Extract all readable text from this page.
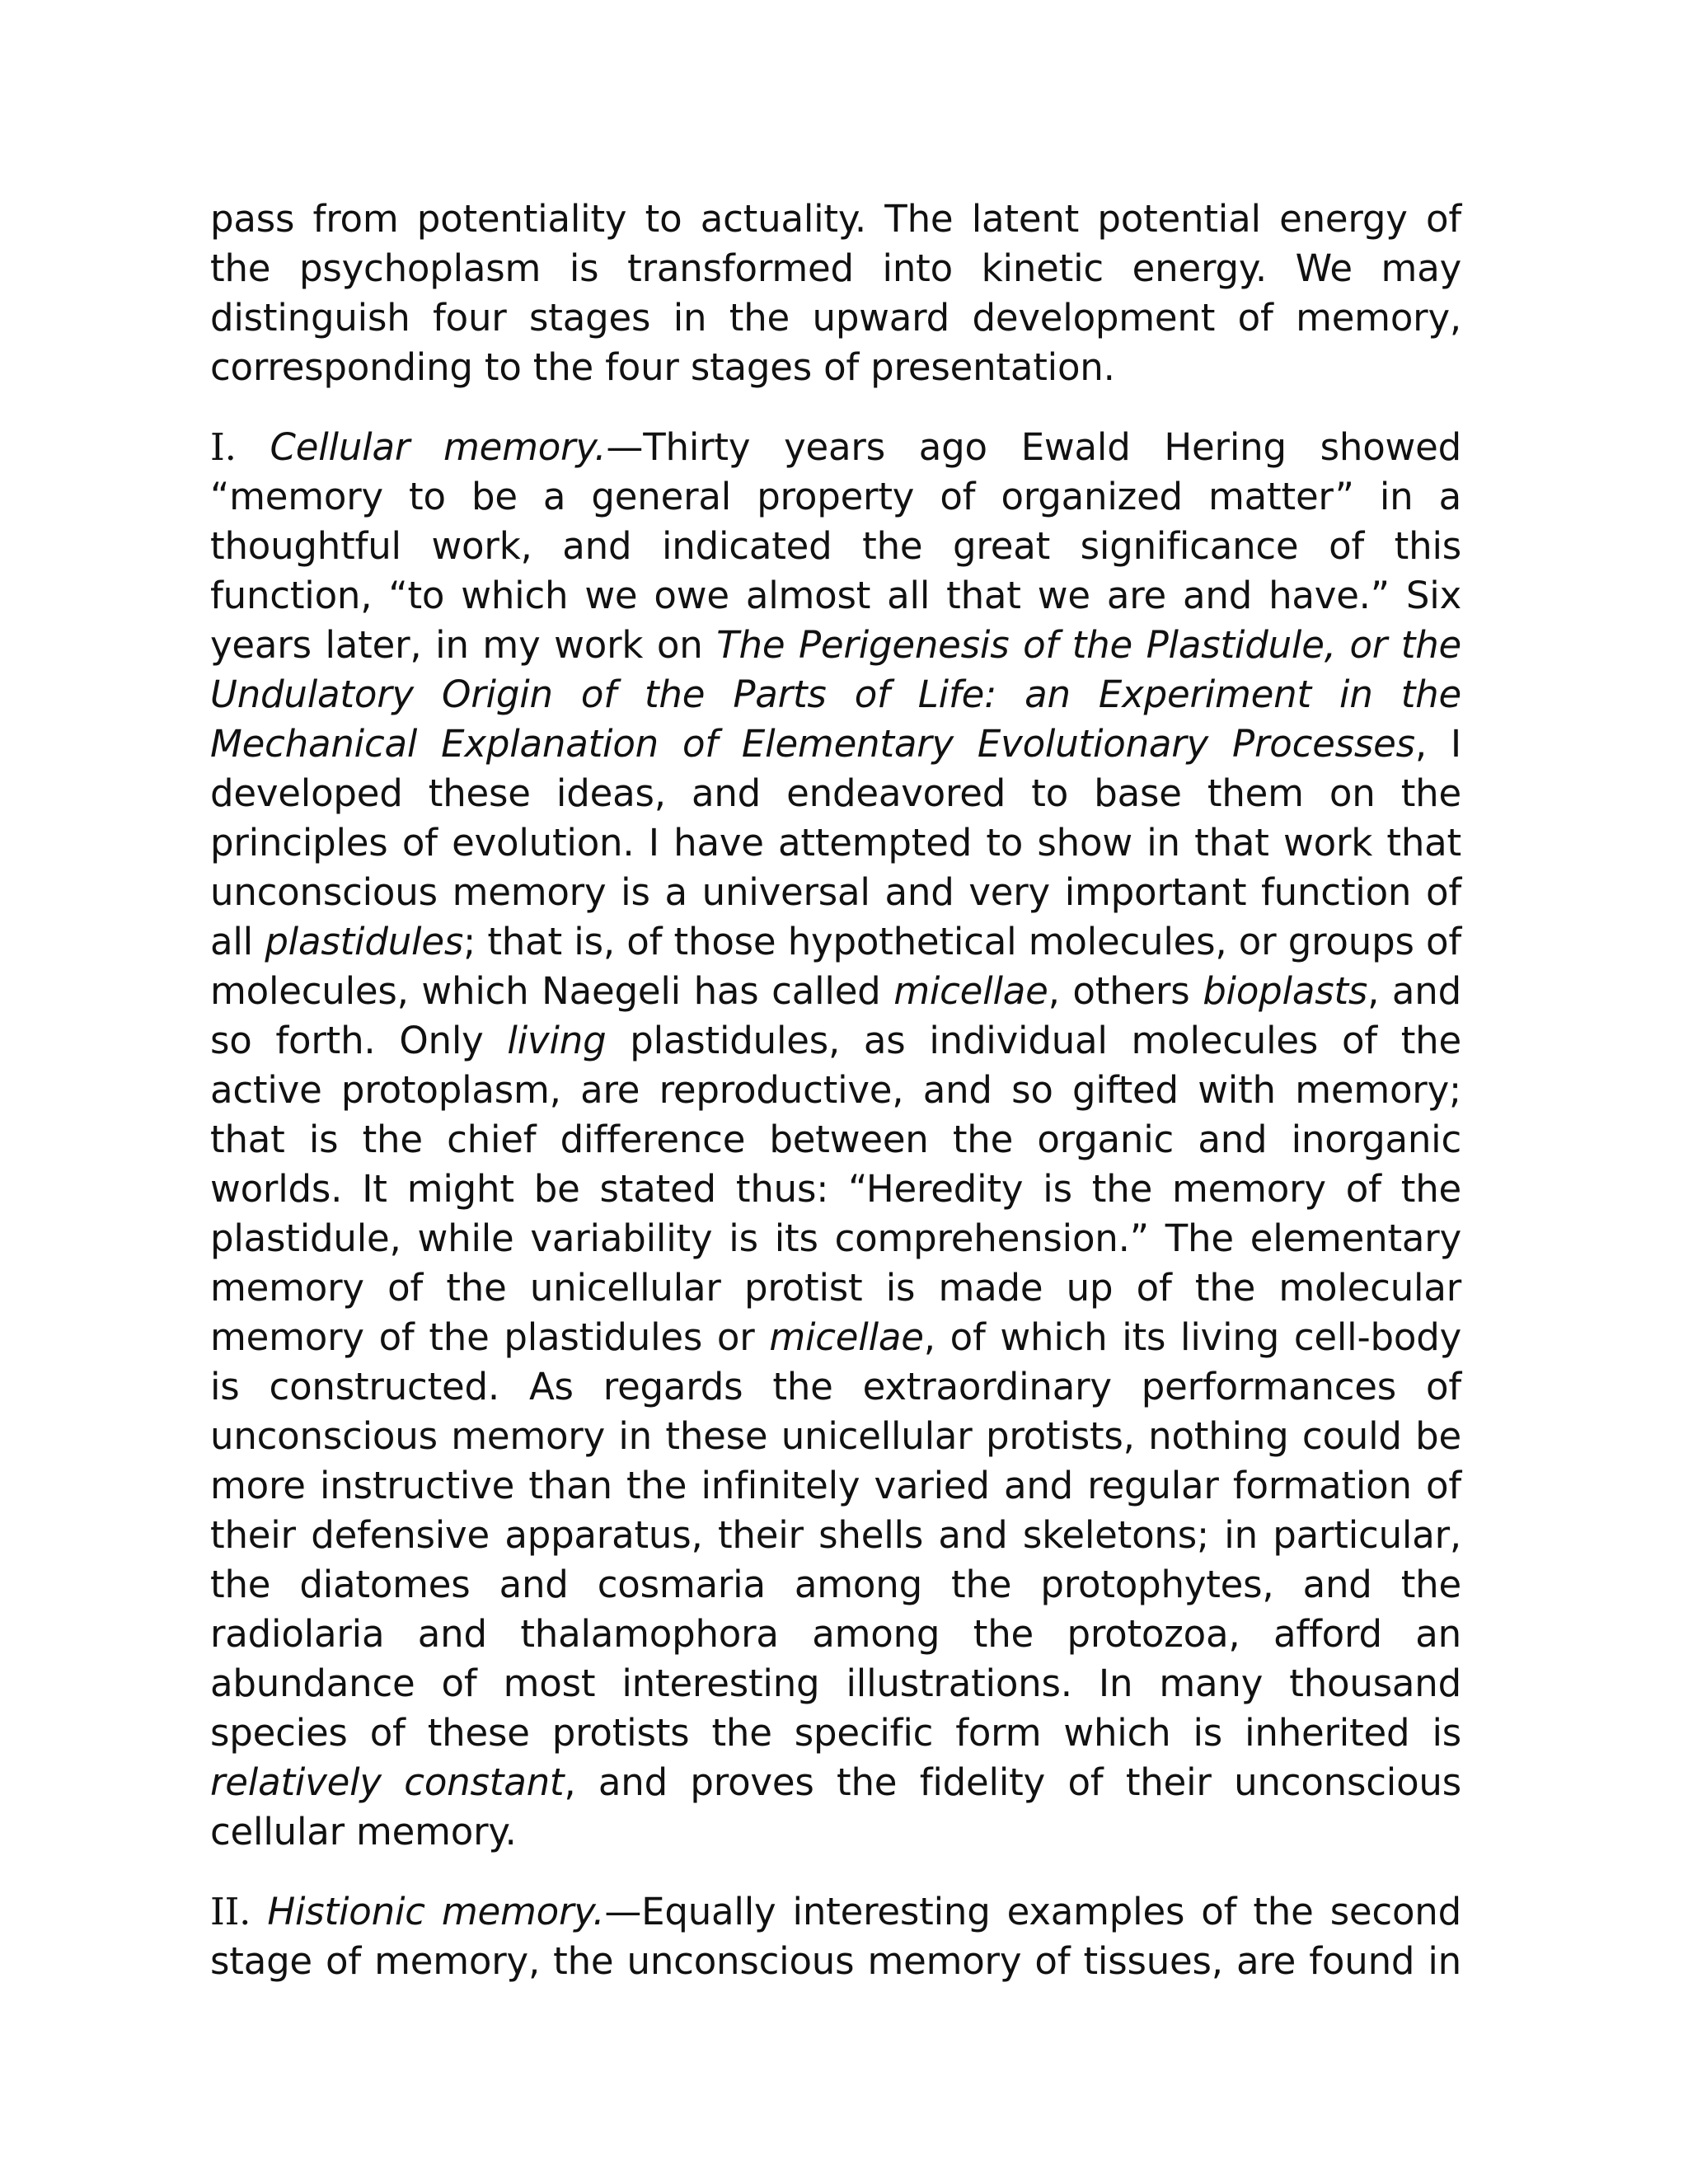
pass from potentiality to actuality. The latent potential energy of the psychoplasm is transformed into kinetic energy. We may distinguish four stages in the upward development of memory, corresponding to the four stages of presentation.

I. Cellular memory.—Thirty years ago Ewald Hering showed “memory to be a general property of organized matter” in a thoughtful work, and indicated the great significance of this function, “to which we owe almost all that we are and have.” Six years later, in my work on The Perigenesis of the Plastidule, or the Undulatory Origin of the Parts of Life: an Experiment in the Mechanical Explanation of Elementary Evolutionary Processes, I developed these ideas, and endeavored to base them on the principles of evolution. I have attempted to show in that work that unconscious memory is a universal and very important function of all plastidules; that is, of those hypothetical molecules, or groups of molecules, which Naegeli has called micellae, others bioplasts, and so forth. Only living plastidules, as individual molecules of the active protoplasm, are reproductive, and so gifted with memory; that is the chief difference between the organic and inorganic worlds. It might be stated thus: “Heredity is the memory of the plastidule, while variability is its comprehension.” The elementary memory of the unicellular protist is made up of the molecular memory of the plastidules or micellae, of which its living cell-body is constructed. As regards the extraordinary performances of unconscious memory in these unicellular protists, nothing could be more instructive than the infinitely varied and regular formation of their defensive apparatus, their shells and skeletons; in particular, the diatomes and cosmaria among the protophytes, and the radiolaria and thalamophora among the protozoa, afford an abundance of most interesting illustrations. In many thousand species of these protists the specific form which is inherited is relatively constant, and proves the fidelity of their unconscious cellular memory.

II. Histionic memory.—Equally interesting examples of the second stage of memory, the unconscious memory of tissues, are found in
